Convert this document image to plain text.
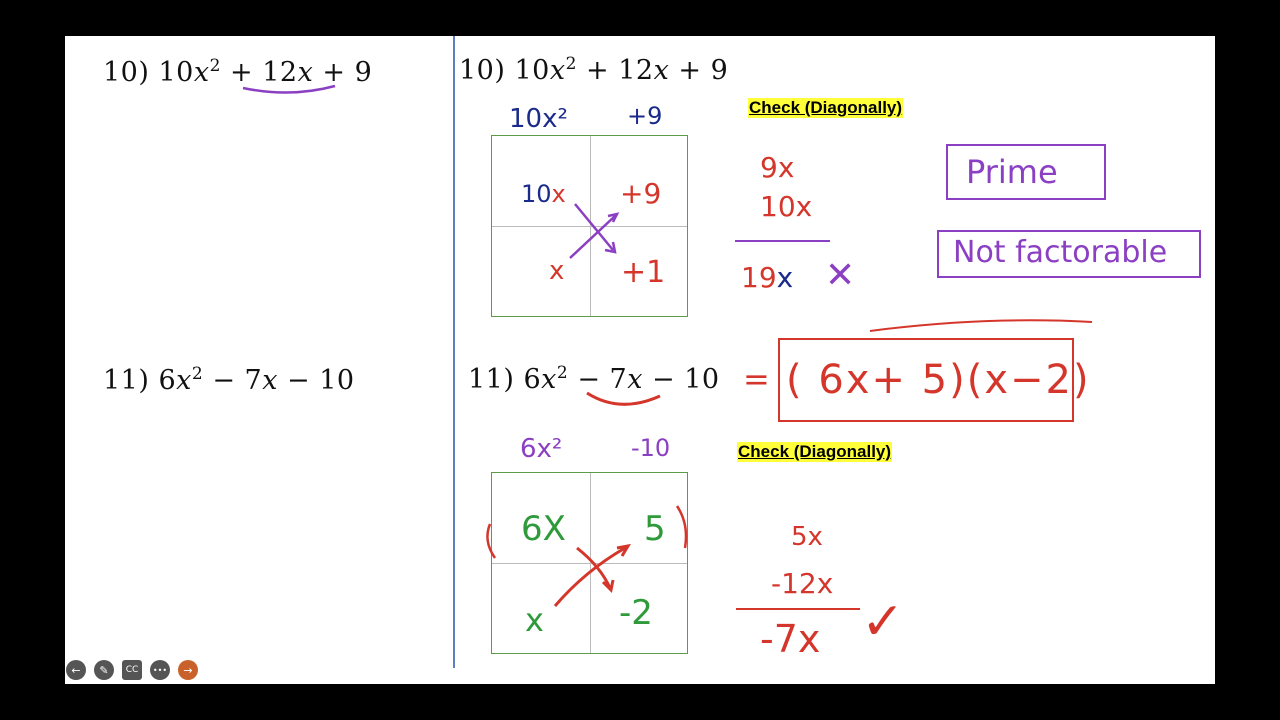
10) $10x^2 + 12x + 9$
11) $6x^2 - 7x - 10$
10) $10x^2 + 12x + 9$
Check (Diagonally)
10x² +9
10x +9
x +1
9x
10x
19x ✕
Prime
Not factorable
11) $6x^2 - 7x - 10$ = ( 6x+ 5)(x−2)
Check (Diagonally)
6x²	-10
6X 5
x -2
5x
-12x
-7x ✓
←	✎	CC	•••	→
